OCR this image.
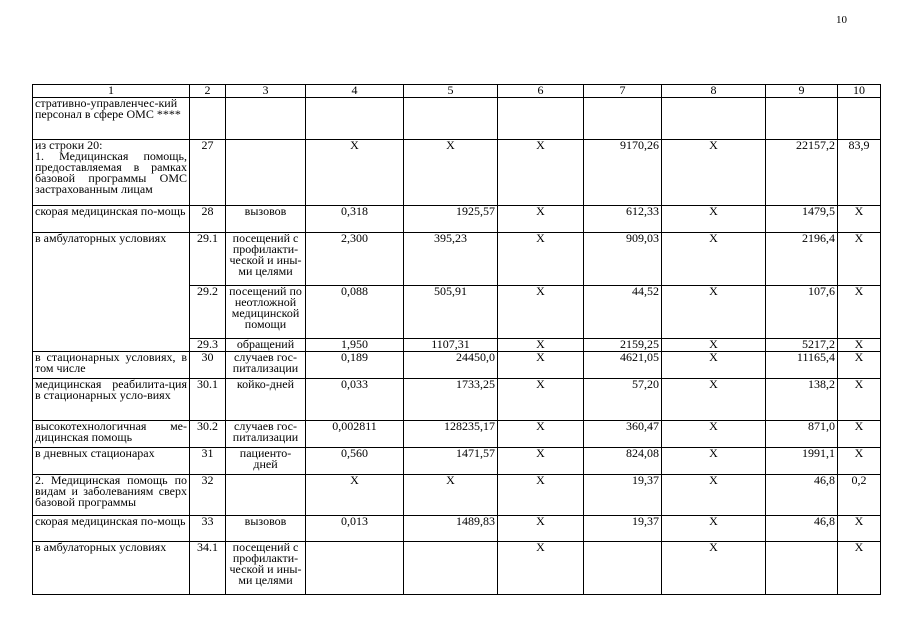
10
1	2	3	4	5	6	7	8	9	10
стративно-управленчес-кий персонал в сфере ОМС ****									
из строки 20:
1. Медицинская помощь, предоставляемая в рамках базовой программы ОМС застрахованным лицам	27		X	X	X	9170,26	X	22157,2	83,9
скорая медицинская по-мощь	28	вызовов	0,318	1925,57	X	612,33	X	1479,5	X
в амбулаторных условиях	29.1	посещений с профилакти-ческой и ины-ми целями	2,300	395,23	X	909,03	X	2196,4	X
	29.2	посещений по неотложной медицинской помощи	0,088	505,91	X	44,52	X	107,6	X
	29.3	обращений	1,950	1107,31	X	2159,25	X	5217,2	X
в стационарных условиях, в том числе	30	случаев гос-питализации	0,189	24450,0	X	4621,05	X	11165,4	X
медицинская реабилита-ция в стационарных усло-виях	30.1	койко-дней	0,033	1733,25	X	57,20	X	138,2	X
высокотехнологичная ме-дицинская помощь	30.2	случаев гос-питализации	0,002811	128235,17	X	360,47	X	871,0	X
в дневных стационарах	31	пациенто-дней	0,560	1471,57	X	824,08	X	1991,1	X
2. Медицинская помощь по видам и заболеваниям сверх базовой программы	32		X	X	X	19,37	X	46,8	0,2
скорая медицинская по-мощь	33	вызовов	0,013	1489,83	X	19,37	X	46,8	X
в амбулаторных условиях	34.1	посещений с профилакти-ческой и ины-ми целями			X		X		X
